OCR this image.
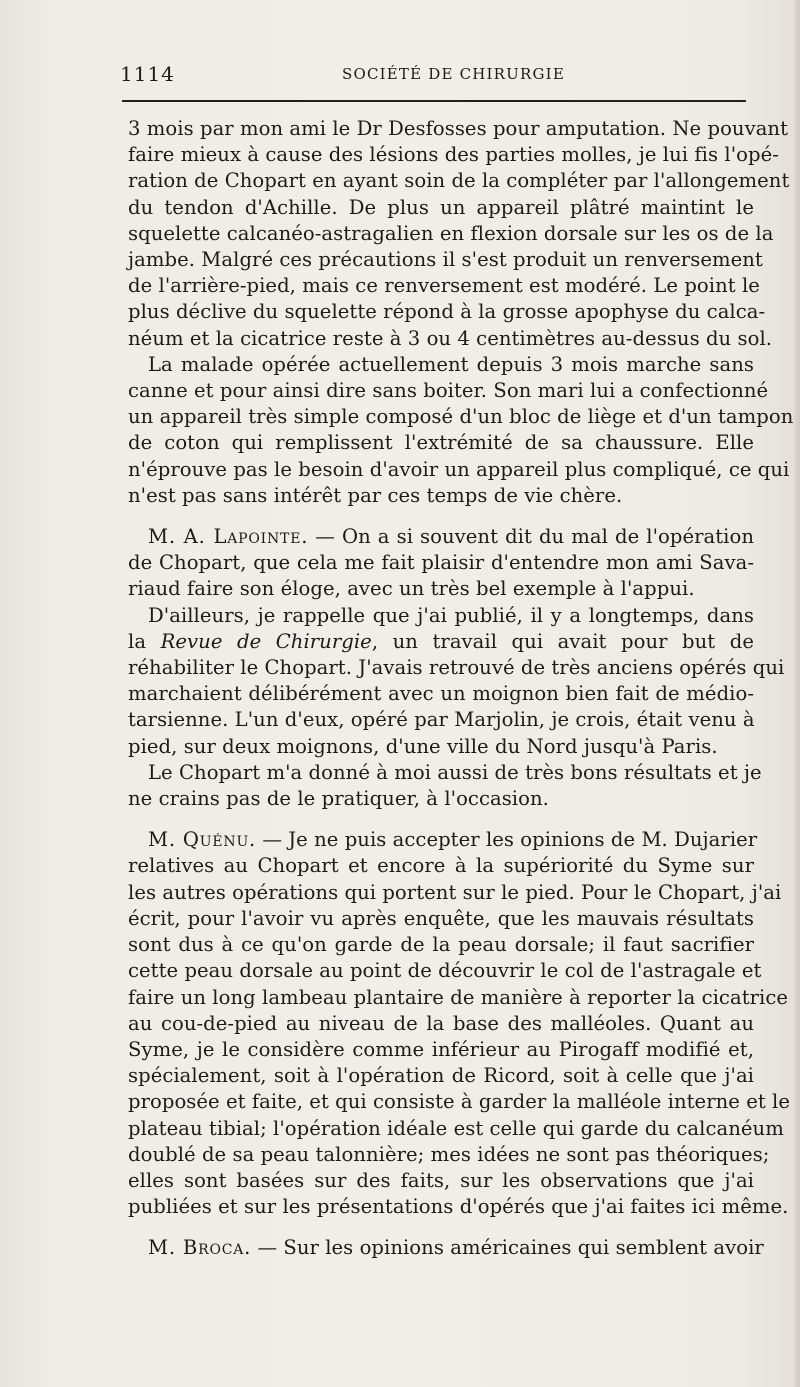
1114	SOCIÉTÉ DE CHIRURGIE
3 mois par mon ami le Dr Desfosses pour amputation. Ne pouvant
faire mieux à cause des lésions des parties molles, je lui fis l'opé-
ration de Chopart en ayant soin de la compléter par l'allongement
du tendon d'Achille. De plus un appareil plâtré maintint le
squelette calcanéo-astragalien en flexion dorsale sur les os de la
jambe. Malgré ces précautions il s'est produit un renversement
de l'arrière-pied, mais ce renversement est modéré. Le point le
plus déclive du squelette répond à la grosse apophyse du calca-
néum et la cicatrice reste à 3 ou 4 centimètres au-dessus du sol.
La malade opérée actuellement depuis 3 mois marche sans
canne et pour ainsi dire sans boiter. Son mari lui a confectionné
un appareil très simple composé d'un bloc de liège et d'un tampon
de coton qui remplissent l'extrémité de sa chaussure. Elle
n'éprouve pas le besoin d'avoir un appareil plus compliqué, ce qui
n'est pas sans intérêt par ces temps de vie chère.
M. A. Lapointe. — On a si souvent dit du mal de l'opération
de Chopart, que cela me fait plaisir d'entendre mon ami Sava-
riaud faire son éloge, avec un très bel exemple à l'appui.
D'ailleurs, je rappelle que j'ai publié, il y a longtemps, dans
la Revue de Chirurgie, un travail qui avait pour but de
réhabiliter le Chopart. J'avais retrouvé de très anciens opérés qui
marchaient délibérément avec un moignon bien fait de médio-
tarsienne. L'un d'eux, opéré par Marjolin, je crois, était venu à
pied, sur deux moignons, d'une ville du Nord jusqu'à Paris.
Le Chopart m'a donné à moi aussi de très bons résultats et je
ne crains pas de le pratiquer, à l'occasion.
M. Quénu. — Je ne puis accepter les opinions de M. Dujarier
relatives au Chopart et encore à la supériorité du Syme sur
les autres opérations qui portent sur le pied. Pour le Chopart, j'ai
écrit, pour l'avoir vu après enquête, que les mauvais résultats
sont dus à ce qu'on garde de la peau dorsale; il faut sacrifier
cette peau dorsale au point de découvrir le col de l'astragale et
faire un long lambeau plantaire de manière à reporter la cicatrice
au cou-de-pied au niveau de la base des malléoles. Quant au
Syme, je le considère comme inférieur au Pirogaff modifié et,
spécialement, soit à l'opération de Ricord, soit à celle que j'ai
proposée et faite, et qui consiste à garder la malléole interne et le
plateau tibial; l'opération idéale est celle qui garde du calcanéum
doublé de sa peau talonnière; mes idées ne sont pas théoriques;
elles sont basées sur des faits, sur les observations que j'ai
publiées et sur les présentations d'opérés que j'ai faites ici même.
M. Broca. — Sur les opinions américaines qui semblent avoir
